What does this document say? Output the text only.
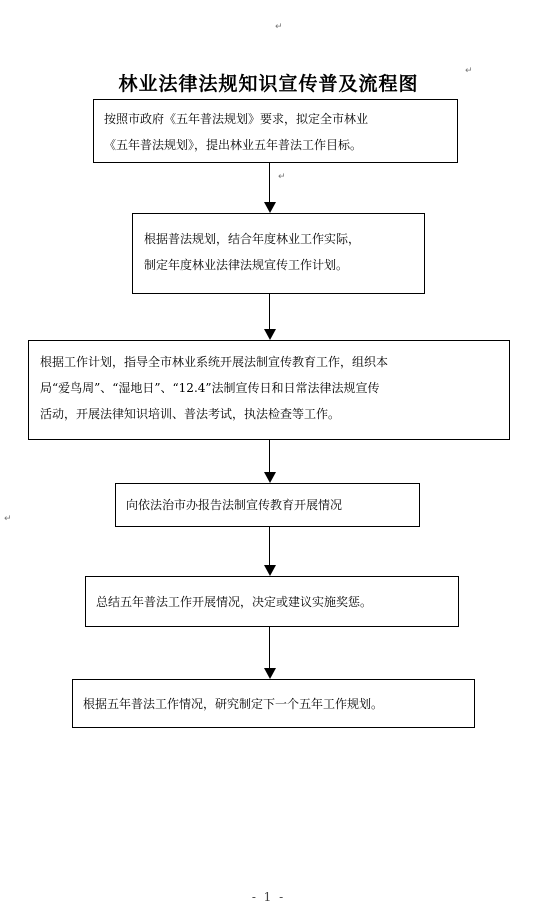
↵
↵
↵
↵
林业法律法规知识宣传普及流程图
按照市政府《五年普法规划》要求，拟定全市林业
《五年普法规划》，提出林业五年普法工作目标。
根据普法规划，结合年度林业工作实际，
制定年度林业法律法规宣传工作计划。
根据工作计划，指导全市林业系统开展法制宣传教育工作，组织本
局“爱鸟周”、“湿地日”、“12.4”法制宣传日和日常法律法规宣传
活动，开展法律知识培训、普法考试，执法检查等工作。
向依法治市办报告法制宣传教育开展情况
总结五年普法工作开展情况，决定或建议实施奖惩。
根据五年普法工作情况，研究制定下一个五年工作规划。
- 1 -
